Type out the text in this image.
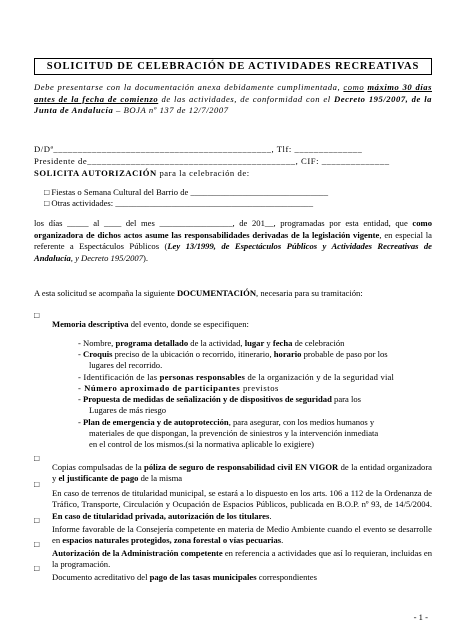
SOLICITUD DE CELEBRACIÓN DE ACTIVIDADES RECREATIVAS

Debe presentarse con la documentación anexa debidamente cumplimentada, como máximo 30 días antes de la fecha de comienzo de las actividades, de conformidad con el Decreto 195/2007, de la Junta de Andalucía – BOJA nº 137 de 12/7/2007

D/Dª_____________________________________________, Tlf: ______________

Presidente de___________________________________________, CIF: ______________

SOLICITA AUTORIZACIÓN para la celebración de:

□ Fiestas o Semana Cultural del Barrio de ________________________________

□ Otras actividades: ______________________________________________

los días _____ al ____ del mes _________________, de 201__, programadas por esta entidad, que como organizadora de dichos actos asume las responsabilidades derivadas de la legislación vigente, en especial la referente a Espectáculos Públicos (Ley 13/1999, de Espectáculos Públicos y Actividades Recreativas de Andalucía, y Decreto 195/2007).

A esta solicitud se acompaña la siguiente DOCUMENTACIÓN, necesaria para su tramitación:

□

Memoria descriptiva del evento, donde se especifiquen:

- Nombre, programa detallado de la actividad, lugar y fecha de celebración

- Croquis preciso de la ubicación o recorrido, itinerario, horario probable de paso por los

lugares del recorrido.

- Identificación de las personas responsables de la organización y de la seguridad vial

- Número aproximado de participantes previstos

- Propuesta de medidas de señalización y de dispositivos de seguridad para los

Lugares de más riesgo

- Plan de emergencia y de autoprotección, para asegurar, con los medios humanos y

materiales de que dispongan, la prevención de siniestros y la intervención inmediata

en el control de los mismos.(si la normativa aplicable lo exigiere)

□

Copias compulsadas de la póliza de seguro de responsabilidad civil EN VIGOR de la entidad organizadora y el justificante de pago de la misma

□

En caso de terrenos de titularidad municipal, se estará a lo dispuesto en los arts. 106 a 112 de la Ordenanza de Tráfico, Transporte, Circulación y Ocupación de Espacios Públicos, publicada en B.O.P. nº 93, de 14/5/2004. En caso de titularidad privada, autorización de los titulares.

□

Informe favorable de la Consejería competente en materia de Medio Ambiente cuando el evento se desarrolle en espacios naturales protegidos, zona forestal o vías pecuarias.

□

Autorización de la Administración competente en referencia a actividades que así lo requieran, incluidas en la programación.

□

Documento acreditativo del pago de las tasas municipales correspondientes

- 1 -
